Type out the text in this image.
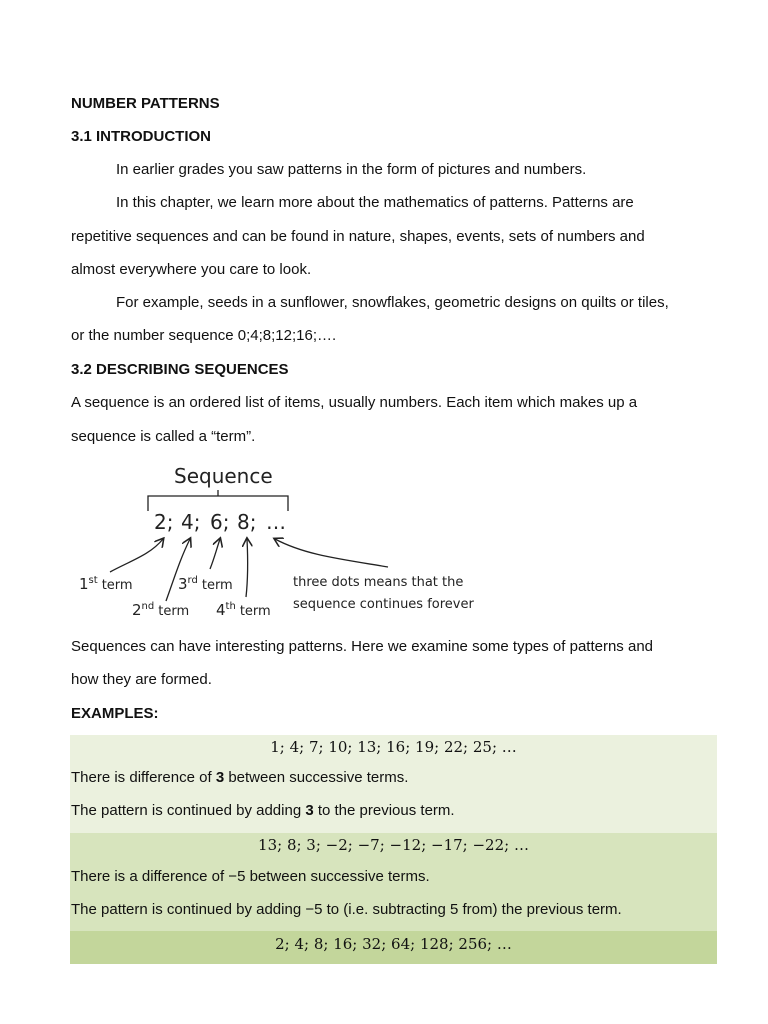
NUMBER PATTERNS
3.1 INTRODUCTION
In earlier grades you saw patterns in the form of pictures and numbers.
In this chapter, we learn more about the mathematics of patterns. Patterns are
repetitive sequences and can be found in nature, shapes, events, sets of numbers and
almost everywhere you care to look.
For example, seeds in a sunflower, snowflakes, geometric designs on quilts or tiles,
or the number sequence 0;4;8;12;16;….
3.2 DESCRIBING SEQUENCES
A sequence is an ordered list of items, usually numbers. Each item which makes up a
sequence is called a “term”.
Sequence
2; 4; 6; 8; …
1st term
2nd term
3rd term
4th term
three dots means that the
sequence continues forever
Sequences can have interesting patterns. Here we examine some types of patterns and
how they are formed.
EXAMPLES:
1; 4; 7; 10; 13; 16; 19; 22; 25; …
There is difference of 3 between successive terms.
The pattern is continued by adding 3 to the previous term.
13; 8; 3; −2; −7; −12; −17; −22; …
There is a difference of −5 between successive terms.
The pattern is continued by adding −5 to (i.e. subtracting 5 from) the previous term.
2; 4; 8; 16; 32; 64; 128; 256; …
